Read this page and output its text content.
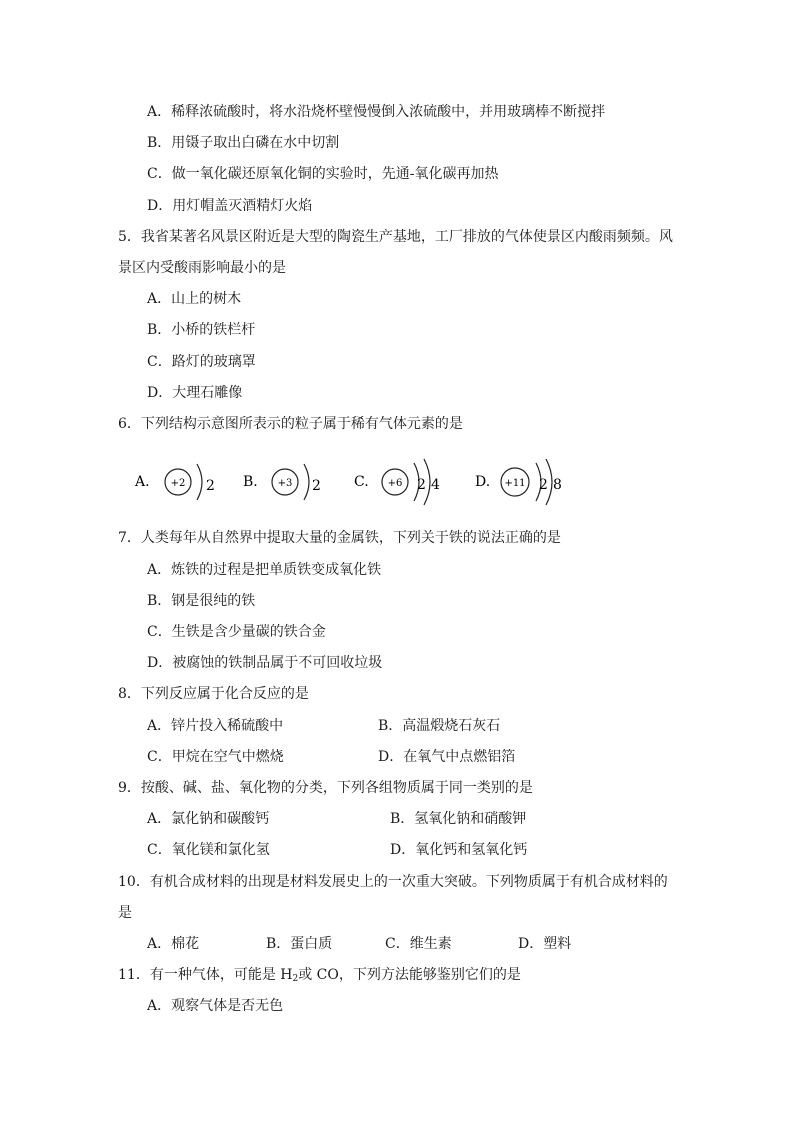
A．稀释浓硫酸时，将水沿烧杯壁慢慢倒入浓硫酸中，并用玻璃棒不断搅拌
B．用镊子取出白磷在水中切割
C．做一氧化碳还原氧化铜的实验时，先通-氧化碳再加热
D．用灯帽盖灭酒精灯火焰
5．我省某著名风景区附近是大型的陶瓷生产基地，工厂排放的气体使景区内酸雨频频。风
景区内受酸雨影响最小的是
A．山上的树木
B．小桥的铁栏杆
C．路灯的玻璃罩
D．大理石雕像
6．下列结构示意图所表示的粒子属于稀有气体元素的是
A. +2 2 B. +3 2 C. +6 2 4	D. +11 2 8
7．人类每年从自然界中提取大量的金属铁，下列关于铁的说法正确的是
A．炼铁的过程是把单质铁变成氧化铁
B．钢是很纯的铁
C．生铁是含少量碳的铁合金
D．被腐蚀的铁制品属于不可回收垃圾
8．下列反应属于化合反应的是
A．锌片投入稀硫酸中	B．高温煅烧石灰石
C．甲烷在空气中燃烧	D．在氧气中点燃铝箔
9．按酸、碱、盐、氧化物的分类，下列各组物质属于同一类别的是
A．氯化钠和碳酸钙	B．氢氧化钠和硝酸钾
C．氧化镁和氯化氢	D．氧化钙和氢氧化钙
10．有机合成材料的出现是材料发展史上的一次重大突破。下列物质属于有机合成材料的
是
A．棉花	B．蛋白质	C．维生素	D．塑料
11．有一种气体，可能是 $H_2$或 CO，下列方法能够鉴别它们的是
A．观察气体是否无色
